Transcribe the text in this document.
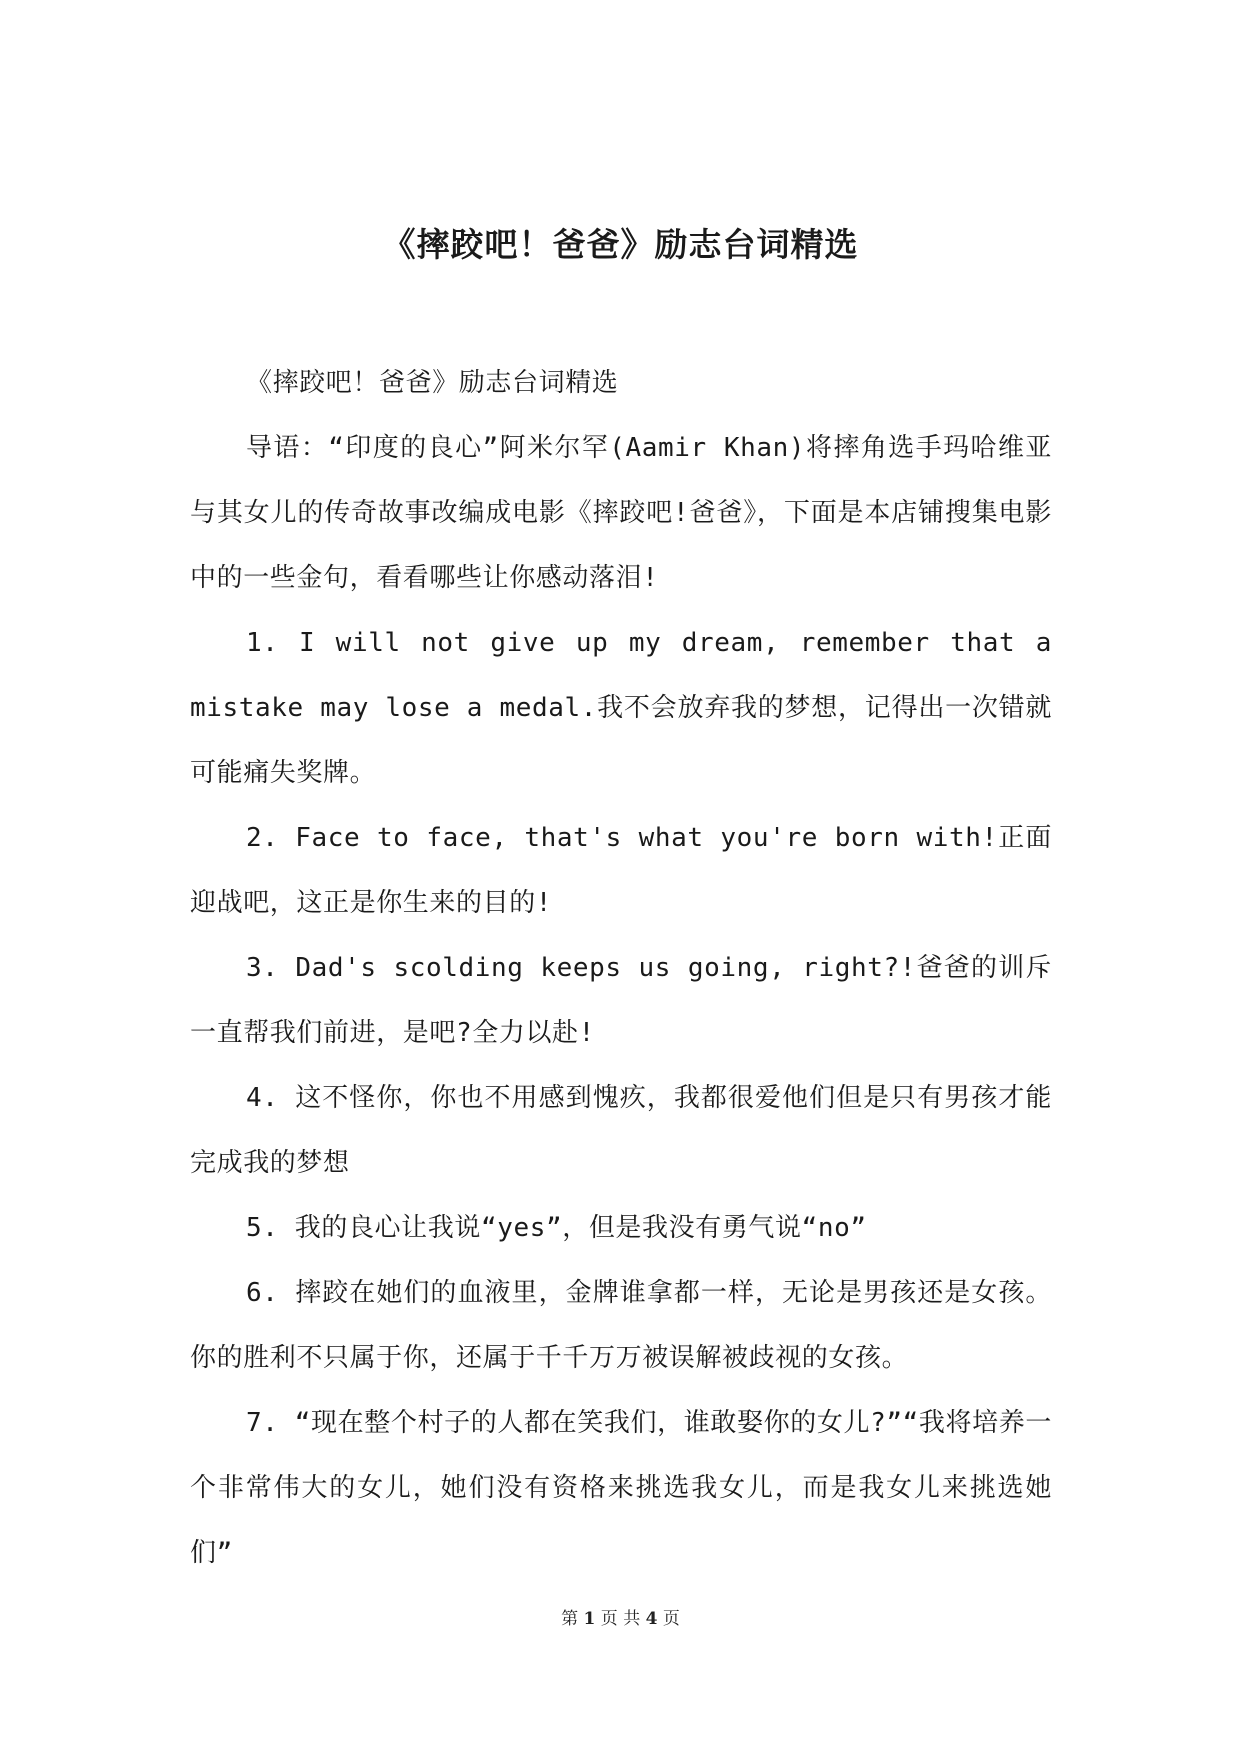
《摔跤吧！爸爸》励志台词精选

《摔跤吧！爸爸》励志台词精选

导语：“印度的良心”阿米尔罕(Aamir Khan)将摔角选手玛哈维亚与其女儿的传奇故事改编成电影《摔跤吧!爸爸》，下面是本店铺搜集电影中的一些金句，看看哪些让你感动落泪!

1. I will not give up my dream, remember that a mistake may lose a medal.我不会放弃我的梦想，记得出一次错就可能痛失奖牌。

2. Face to face, that's what you're born with!正面迎战吧，这正是你生来的目的!

3. Dad's scolding keeps us going, right?!爸爸的训斥一直帮我们前进，是吧?全力以赴!

4. 这不怪你，你也不用感到愧疚，我都很爱他们但是只有男孩才能完成我的梦想

5. 我的良心让我说“yes”，但是我没有勇气说“no”

6. 摔跤在她们的血液里，金牌谁拿都一样，无论是男孩还是女孩。你的胜利不只属于你，还属于千千万万被误解被歧视的女孩。

7. “现在整个村子的人都在笑我们，谁敢娶你的女儿?”“我将培养一个非常伟大的女儿，她们没有资格来挑选我女儿，而是我女儿来挑选她们”

第 1 页 共 4 页
